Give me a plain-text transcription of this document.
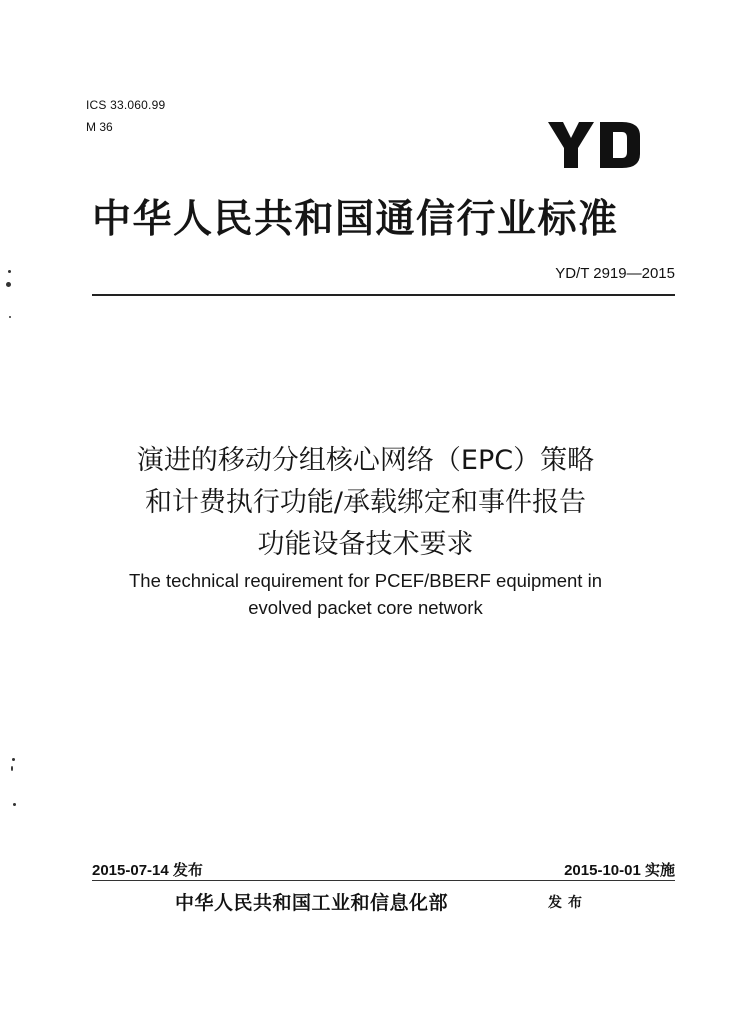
ICS 33.060.99
M 36
中华人民共和国通信行业标准
YD/T 2919—2015
演进的移动分组核心网络（EPC）策略
和计费执行功能/承载绑定和事件报告
功能设备技术要求
The technical requirement for PCEF/BBERF equipment in
evolved packet core network
2015-07-14 发布	2015-10-01 实施
中华人民共和国工业和信息化部	发布
